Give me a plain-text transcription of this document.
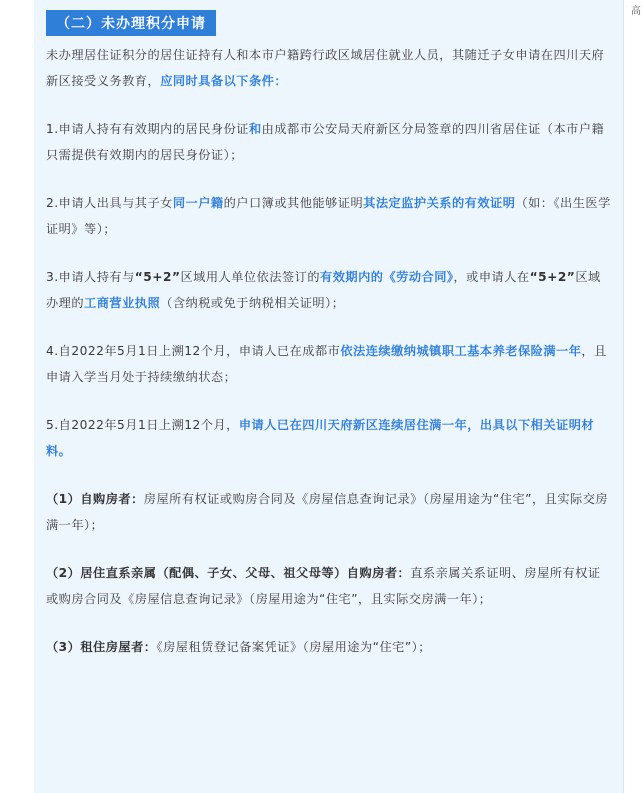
高
（二）未办理积分申请

未办理居住证积分的居住证持有人和本市户籍跨行政区域居住就业人员，其随迁子女申请在四川天府新区接受义务教育，应同时具备以下条件：

1.申请人持有有效期内的居民身份证和由成都市公安局天府新区分局签章的四川省居住证（本市户籍只需提供有效期内的居民身份证）；

2.申请人出具与其子女同一户籍的户口簿或其他能够证明其法定监护关系的有效证明（如：《出生医学证明》等）；

3.申请人持有与“5+2”区域用人单位依法签订的有效期内的《劳动合同》，或申请人在“5+2”区域办理的工商营业执照（含纳税或免于纳税相关证明）；

4.自2022年5月1日上溯12个月，申请人已在成都市依法连续缴纳城镇职工基本养老保险满一年，且申请入学当月处于持续缴纳状态；

5.自2022年5月1日上溯12个月，申请人已在四川天府新区连续居住满一年，出具以下相关证明材料。

（1）自购房者：房屋所有权证或购房合同及《房屋信息查询记录》（房屋用途为“住宅”，且实际交房满一年）；

（2）居住直系亲属（配偶、子女、父母、祖父母等）自购房者：直系亲属关系证明、房屋所有权证或购房合同及《房屋信息查询记录》（房屋用途为“住宅”，且实际交房满一年）；

（3）租住房屋者：《房屋租赁登记备案凭证》（房屋用途为“住宅”）；
